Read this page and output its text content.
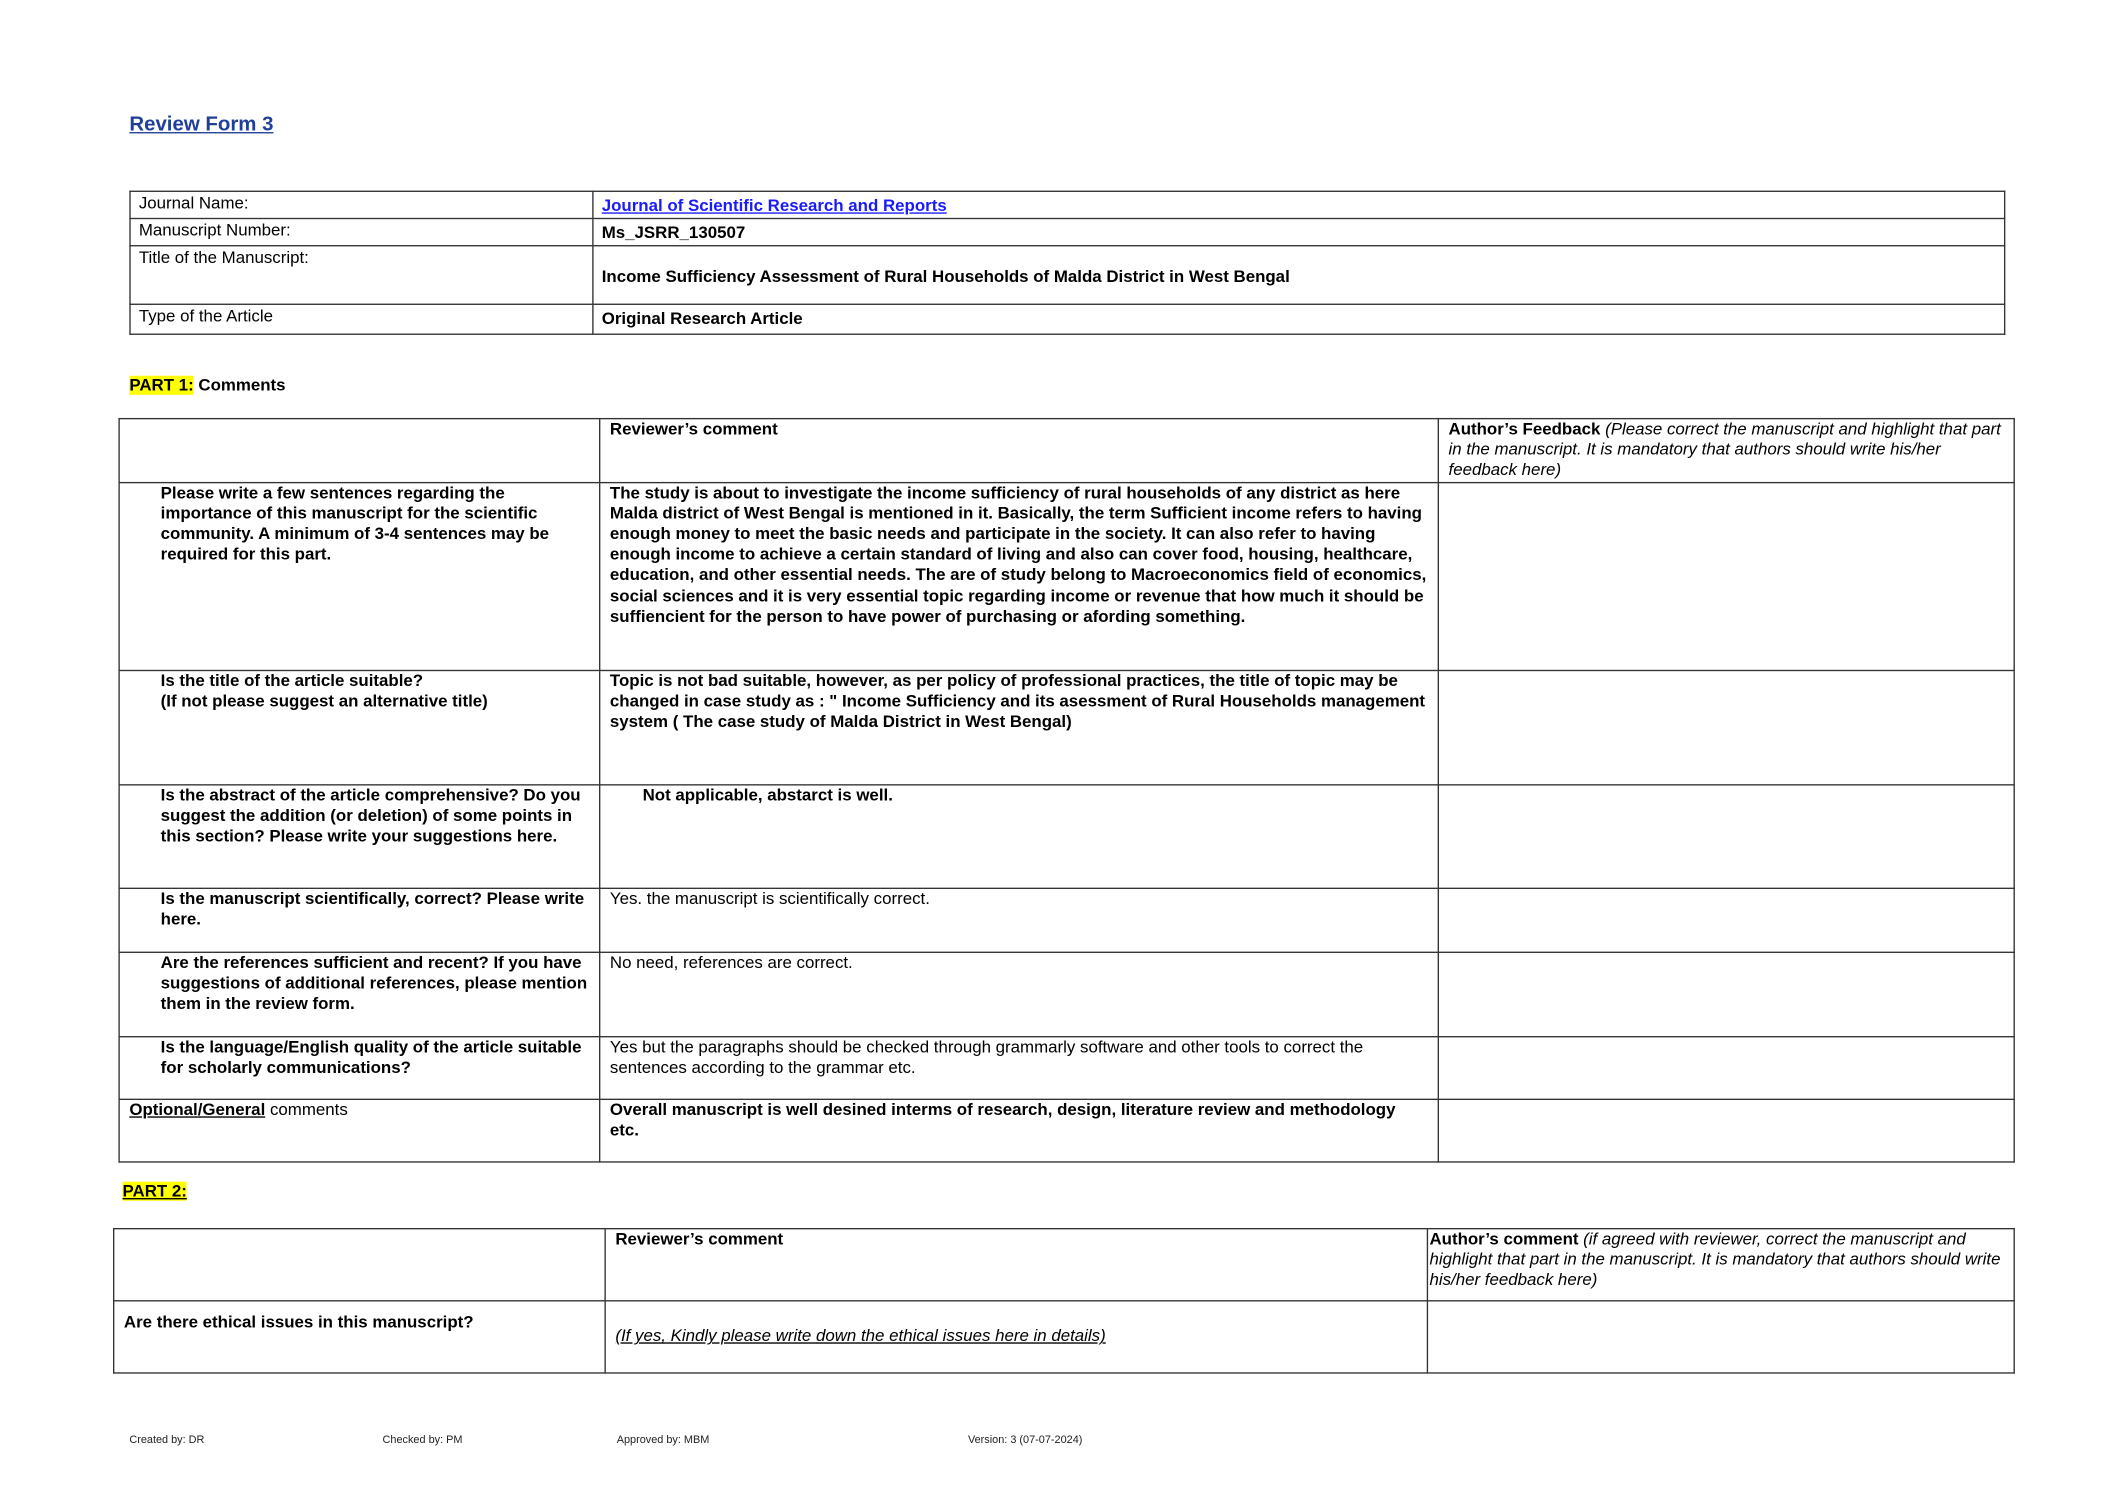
Review Form 3
Journal Name:	Journal of Scientific Research and Reports
Manuscript Number:	Ms_JSRR_130507
Title of the Manuscript:	Income Sufficiency Assessment of Rural Households of Malda District in West Bengal
Type of the Article	Original Research Article
PART 1: Comments
	Reviewer’s comment	Author’s Feedback (Please correct the manuscript and highlight that part in the manuscript. It is mandatory that authors should write his/her feedback here)
Please write a few sentences regarding the importance of this manuscript for the scientific community. A minimum of 3-4 sentences may be required for this part.	The study is about to investigate the income sufficiency of rural households of any district as here Malda district of West Bengal is mentioned in it. Basically, the term Sufficient income refers to having enough money to meet the basic needs and participate in the society. It can also refer to having enough income to achieve a certain standard of living and also can cover food, housing, healthcare, education, and other essential needs. The are of study belong to Macroeconomics field of economics, social sciences and it is very essential topic regarding income or revenue that how much it should be suffiencient for the person to have power of purchasing or afording something.	
Is the title of the article suitable?
(If not please suggest an alternative title)	Topic is not bad suitable, however, as per policy of professional practices, the title of topic may be changed in case study as : " Income Sufficiency and its asessment of Rural Households management system ( The case study of Malda District in West Bengal)	
Is the abstract of the article comprehensive? Do you suggest the addition (or deletion) of some points in this section? Please write your suggestions here.	Not applicable, abstarct is well.	
Is the manuscript scientifically, correct? Please write here.	Yes. the manuscript is scientifically correct.	
Are the references sufficient and recent? If you have suggestions of additional references, please mention them in the review form.	No need, references are correct.	
Is the language/English quality of the article suitable for scholarly communications?	Yes but the paragraphs should be checked through grammarly software and other tools to correct the sentences according to the grammar etc.	
Optional/General comments	Overall manuscript is well desined interms of research, design, literature review and methodology etc.	
PART 2:
	Reviewer’s comment	Author’s comment (if agreed with reviewer, correct the manuscript and highlight that part in the manuscript. It is mandatory that authors should write his/her feedback here)
Are there ethical issues in this manuscript?	(If yes, Kindly please write down the ethical issues here in details)	
Created by: DR	Checked by: PM	Approved by: MBM	Version: 3 (07-07-2024)
